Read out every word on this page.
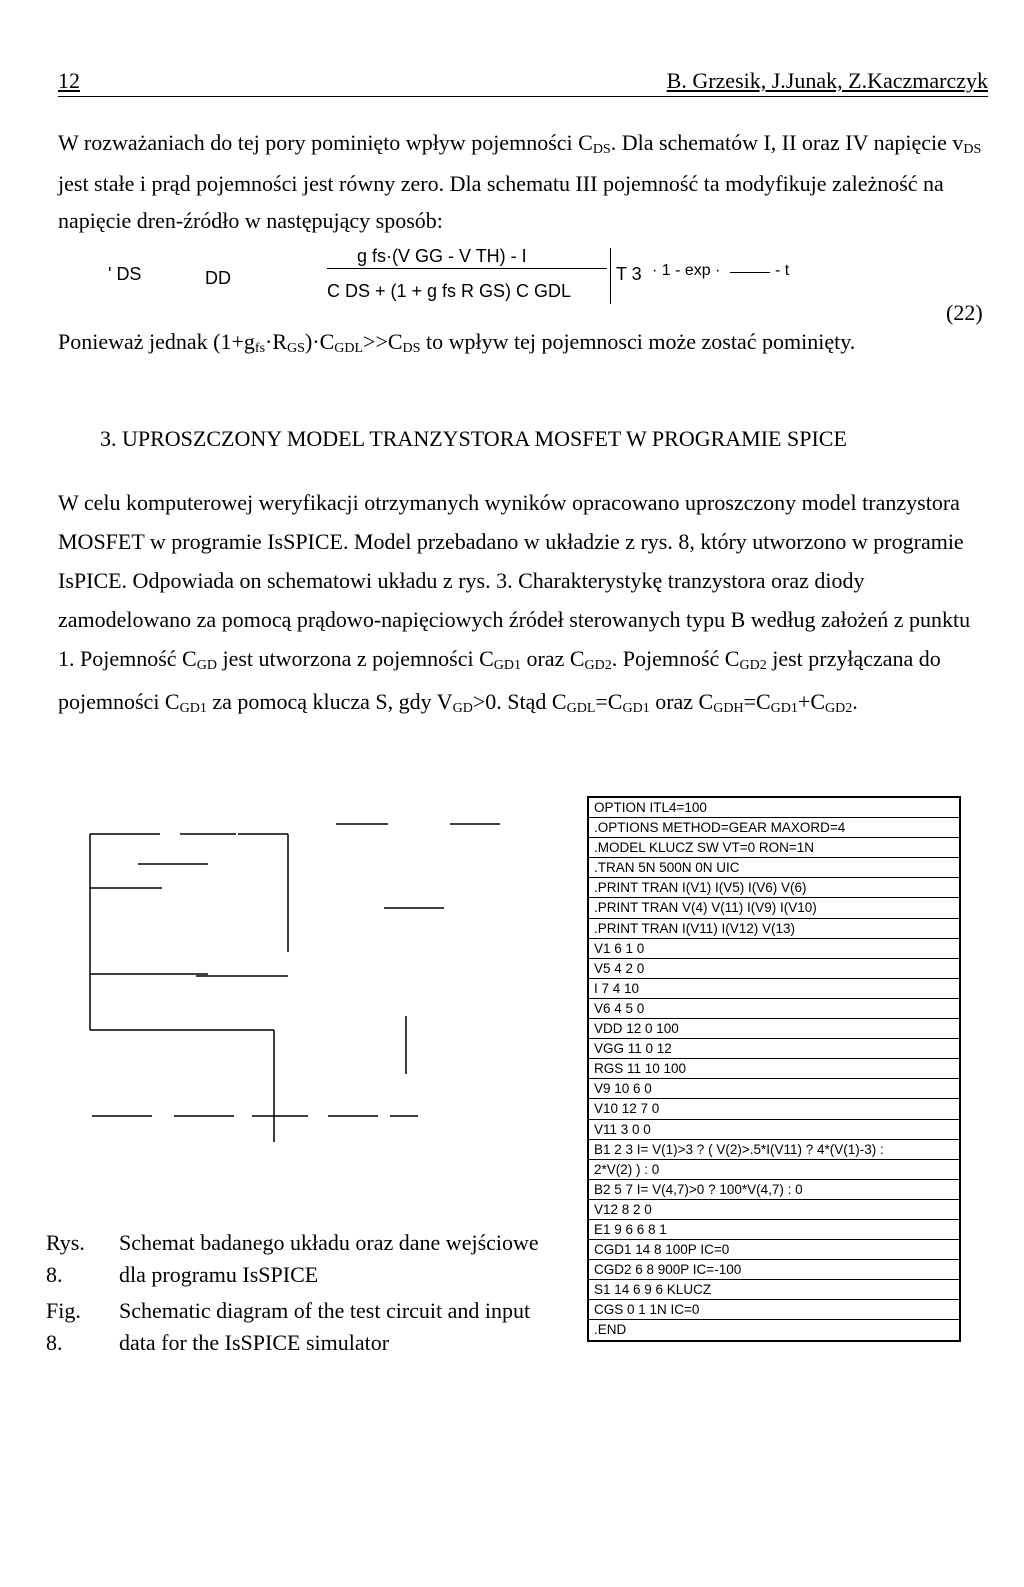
12	B. Grzesik, J.Junak, Z.Kaczmarczyk
W rozważaniach do tej pory pominięto wpływ pojemności $C_{DS}$. Dla schematów I, II oraz IV napięcie $v_{DS}$ jest stałe i prąd pojemności jest równy zero. Dla schematu III pojemność ta modyfikuje zależność na napięcie dren-źródło w następujący sposób:
' DS	DD
g fs·(V GG - V TH) - I
C DS + (1 + g fs R GS) C GDL
T 3 · 1 - exp ·	- t
(22)
Ponieważ jednak $(1+g_{fs}\cdot R_{GS})\cdot C_{GDL}>>C_{DS}$ to wpływ tej pojemnosci może zostać pominięty.
3. UPROSZCZONY MODEL TRANZYSTORA MOSFET W PROGRAMIE SPICE
W celu komputerowej weryfikacji otrzymanych wyników opracowano uproszczony model tranzystora MOSFET w programie IsSPICE. Model przebadano w układzie z rys. 8, który utworzono w programie IsPICE. Odpowiada on schematowi układu z rys. 3. Charakterystykę tranzystora oraz diody zamodelowano za pomocą prądowo-napięciowych źródeł sterowanych typu B według założeń z punktu 1. Pojemność $C_{GD}$ jest utworzona z pojemności $C_{GD1}$ oraz $C_{GD2}$. Pojemność $C_{GD2}$ jest przyłączana do pojemności $C_{GD1}$ za pomocą klucza S, gdy $V_{GD}>0$. Stąd $C_{GDL}=C_{GD1}$ oraz $C_{GDH}=C_{GD1}+C_{GD2}$.
OPTION ITL4=100
.OPTIONS METHOD=GEAR MAXORD=4
.MODEL KLUCZ SW VT=0 RON=1N
.TRAN 5N 500N 0N UIC
.PRINT TRAN I(V1) I(V5) I(V6) V(6)
.PRINT TRAN V(4) V(11) I(V9) I(V10)
.PRINT TRAN I(V11) I(V12) V(13)
V1 6 1 0
V5 4 2 0
I 7 4 10
V6 4 5 0
VDD 12 0 100
VGG 11 0 12
RGS 11 10 100
V9 10 6 0
V10 12 7 0
V11 3 0 0
B1 2 3 I= V(1)>3 ? ( V(2)>.5*I(V11) ? 4*(V(1)-3) :
2*V(2) ) : 0
B2 5 7 I= V(4,7)>0 ? 100*V(4,7) : 0
V12 8 2 0
E1 9 6 6 8 1
CGD1 14 8 100P IC=0
CGD2 6 8 900P IC=-100
S1 14 6 9 6 KLUCZ
CGS 0 1 1N IC=0
.END
Rys. 8.
Schemat badanego układu oraz dane wejściowe dla programu IsSPICE
Fig. 8.
Schematic diagram of the test circuit and input data for the IsSPICE simulator
